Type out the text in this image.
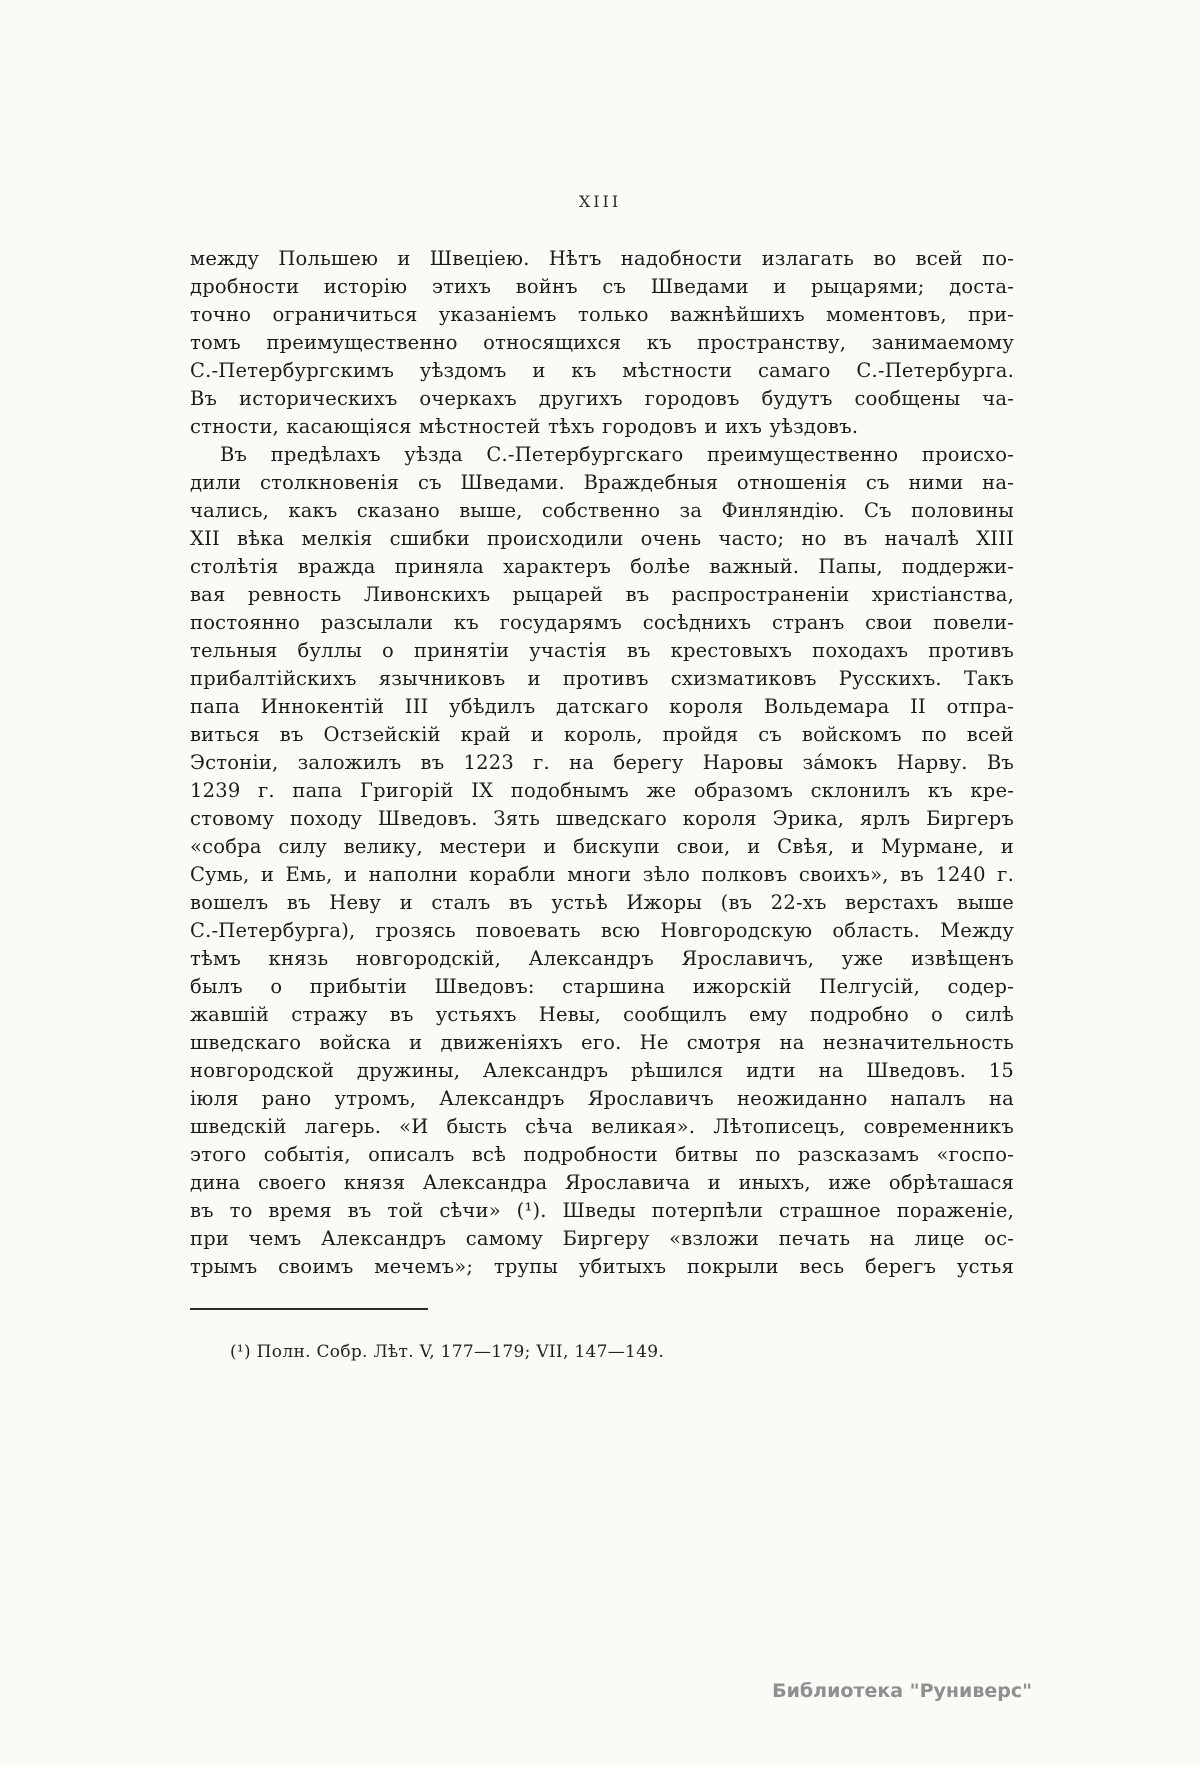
XIII
между Польшею и Швеціею. Нѣтъ надобности излагать во всей по-
дробности исторію этихъ войнъ съ Шведами и рыцарями; доста-
точно ограничиться указаніемъ только важнѣйшихъ моментовъ, при-
томъ преимущественно относящихся къ пространству, занимаемому
С.-Петербургскимъ уѣздомъ и къ мѣстности самаго С.-Петербурга.
Въ историческихъ очеркахъ другихъ городовъ будутъ сообщены ча-
стности, касающіяся мѣстностей тѣхъ городовъ и ихъ уѣздовъ.
Въ предѣлахъ уѣзда С.-Петербургскаго преимущественно происхо-
дили столкновенія съ Шведами. Враждебныя отношенія съ ними на-
чались, какъ сказано выше, собственно за Финляндію. Съ половины
XII вѣка мелкія сшибки происходили очень часто; но въ началѣ XIII
столѣтія вражда приняла характеръ болѣе важный. Папы, поддержи-
вая ревность Ливонскихъ рыцарей въ распространеніи христіанства,
постоянно разсылали къ государямъ сосѣднихъ странъ свои повели-
тельныя буллы о принятіи участія въ крестовыхъ походахъ противъ
прибалтійскихъ язычниковъ и противъ схизматиковъ Русскихъ. Такъ
папа Иннокентій III убѣдилъ датскаго короля Вольдемара II отпра-
виться въ Остзейскій край и король, пройдя съ войскомъ по всей
Эстоніи, заложилъ въ 1223 г. на берегу Наровы за́мокъ Нарву. Въ
1239 г. папа Григорій IX подобнымъ же образомъ склонилъ къ кре-
стовому походу Шведовъ. Зять шведскаго короля Эрика, ярлъ Биргеръ
«собра силу велику, местери и бискупи свои, и Свѣя, и Мурмане, и
Сумь, и Емь, и наполни корабли многи зѣло полковъ своихъ», въ 1240 г.
вошелъ въ Неву и сталъ въ устьѣ Ижоры (въ 22-хъ верстахъ выше
С.-Петербурга), грозясь повоевать всю Новгородскую область. Между
тѣмъ князь новгородскій, Александръ Ярославичъ, уже извѣщенъ
былъ о прибытіи Шведовъ: старшина ижорскій Пелгусій, содер-
жавшій стражу въ устьяхъ Невы, сообщилъ ему подробно о силѣ
шведскаго войска и движеніяхъ его. Не смотря на незначительность
новгородской дружины, Александръ рѣшился идти на Шведовъ. 15
іюля рано утромъ, Александръ Ярославичъ неожиданно напалъ на
шведскій лагерь. «И бысть сѣча великая». Лѣтописецъ, современникъ
этого событія, описалъ всѣ подробности битвы по разсказамъ «госпо-
дина своего князя Александра Ярославича и иныхъ, иже обрѣташася
въ то время въ той сѣчи» (¹). Шведы потерпѣли страшное пораженіе,
при чемъ Александръ самому Биргеру «взложи печать на лице ос-
трымъ своимъ мечемъ»; трупы убитыхъ покрыли весь берегъ устья
(¹) Полн. Собр. Лѣт. V, 177—179; VII, 147—149.
Библиотека "Руниверс"
